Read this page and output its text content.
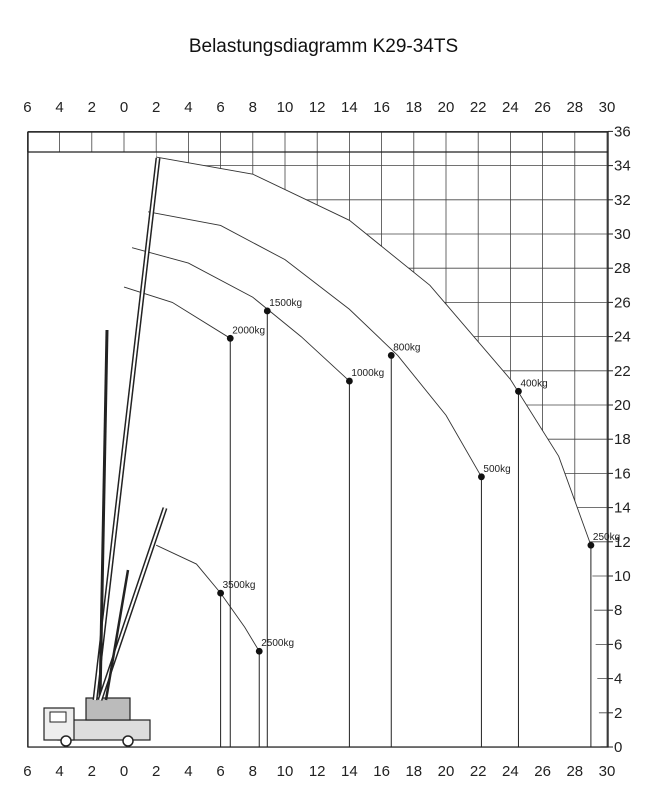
Belastungsdiagramm K29-34TS
6
6
4
4
2
2
0
0
2
2
4
4
6
6
8
8
10
10
12
12
14
14
16
16
18
18
20
20
22
22
24
24
26
26
28
28
30
30
0
2
4
6
8
10
12
14
16
18
20
22
24
26
28
30
32
34
36
3500kg
2500kg
2000kg
1500kg
1000kg
800kg
500kg
400kg
250kg
